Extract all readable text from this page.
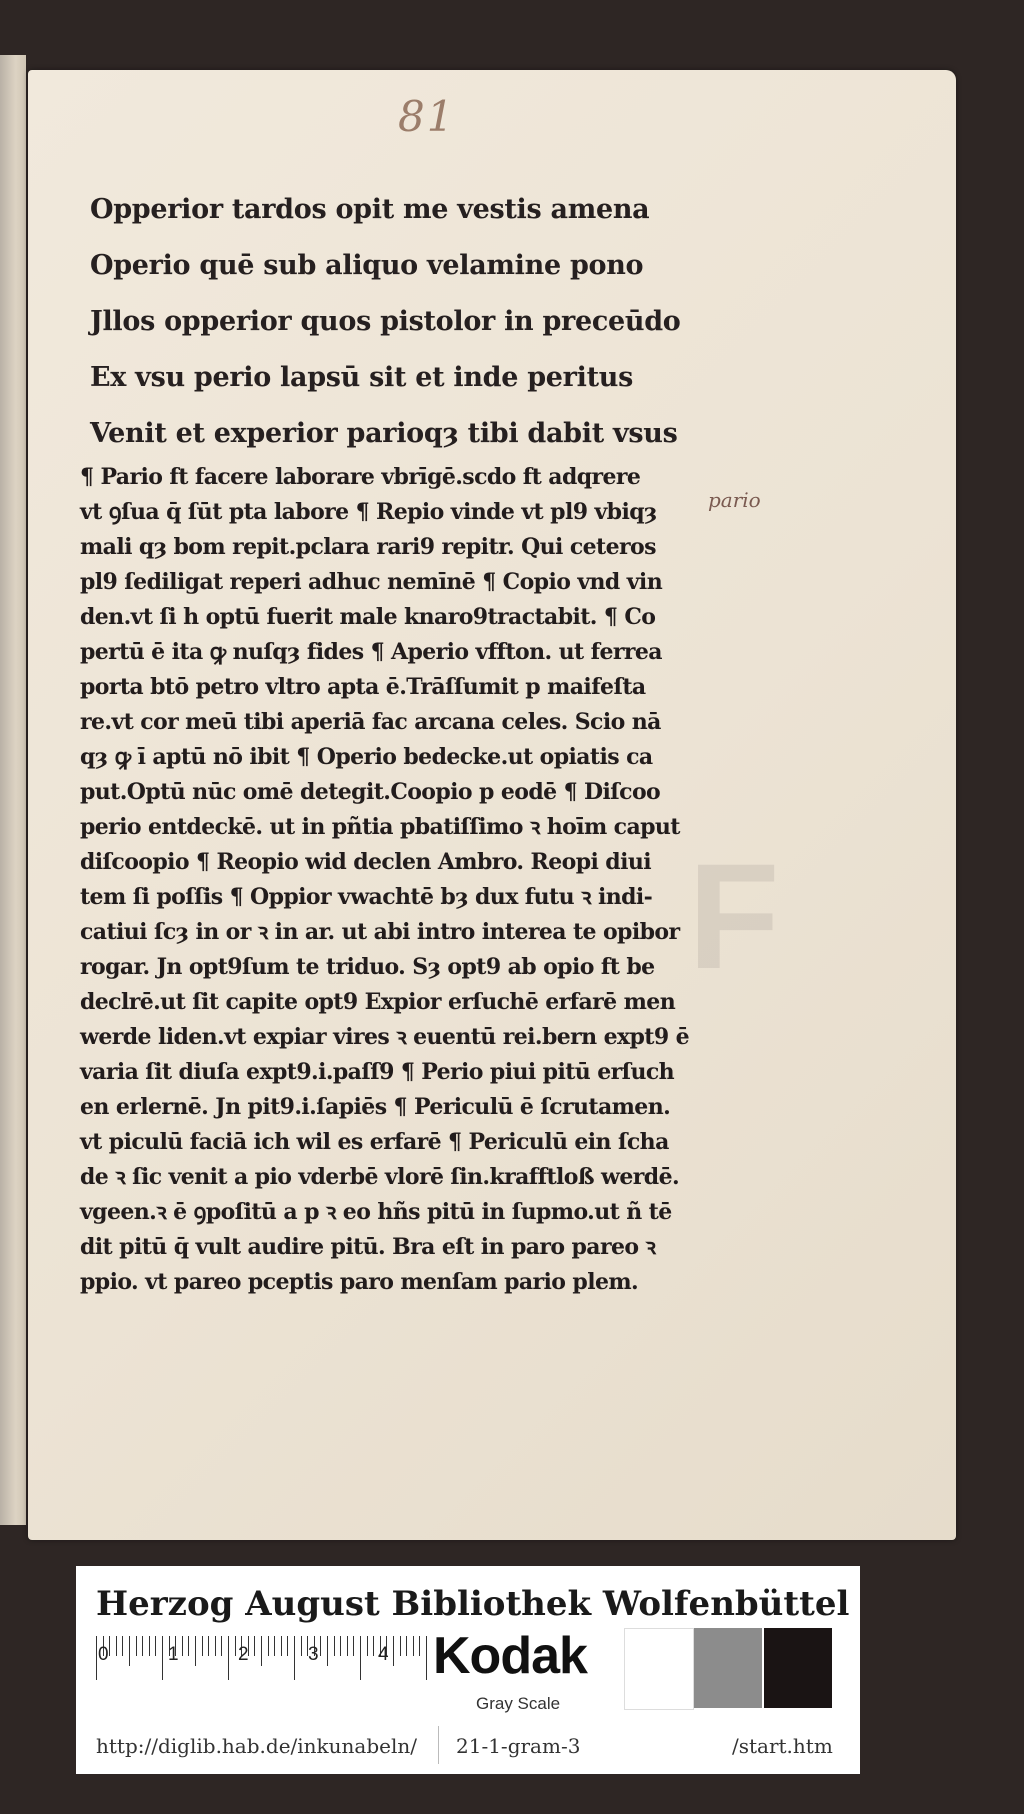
81
Opperior tardos opit me vestis amena
Operio quē sub aliquo velamine pono
Jllos opperior quos pistolor in preceūdo
Ex vsu perio lapsū sit et inde peritus
Venit et experior parioqȝ tibi dabit vsus
pario
¶ Pario ft facere laborare vbrīgē.scdo ft adqrere
vt ꝯſua q̄ ſūt pta labore ¶ Repio vinde vt pl9 vbiqȝ
mali qȝ bom repit.pclara rari9 repitr. Qui ceteros
pl9 ſediligat reperi adhuc nemīnē ¶ Copio vnd vin
den.vt ſi h optū fuerit male knaro9tractabit. ¶ Co
pertū ē ita ꝙ nuſqȝ fides ¶ Aperio vffton. ut ferrea
porta btō petro vltro apta ē.Trāſſumit p maifeſta
re.vt cor meū tibi aperiā fac arcana celes. Scio nā
qȝ ꝙ ī aptū nō ibit ¶ Operio bedecke.ut opiatis ca
put.Optū nūc omē detegit.Coopio p eodē ¶ Diſcoo
perio entdeckē. ut in pñtia pbatiſſimo ꝛ hoīm caput
diſcoopio ¶ Reopio wid declen Ambro. Reopi diui
tem ſi poſſis ¶ Oppior vwachtē bȝ dux futu ꝛ indi-
catiui ſcȝ in or ꝛ in ar. ut abi intro interea te opibor
rogar. Jn opt9ſum te triduo. Sȝ opt9 ab opio ft be
declrē.ut ſit capite opt9 Expior erſuchē erfarē men
werde liden.vt expiar vires ꝛ euentū rei.bern expt9 ē
varia ſit diuſa expt9.i.paſſ9 ¶ Perio piui pitū erſuch
en erlernē. Jn pit9.i.ſapiēs ¶ Periculū ē ſcrutamen.
vt piculū faciā ich wil es erfarē ¶ Periculū ein ſcha
de ꝛ ſic venit a pio vderbē vlorē ſin.krafftloß werdē.
vgeen.ꝛ ē ꝯpoſitū a p ꝛ eo hñs pitū in ſupmo.ut ñ tē
dit pitū q̄ vult audire pitū. Bra eſt in paro pareo ꝛ
ppio. vt pareo pceptis paro menſam pario plem.
F
Herzog August Bibliothek Wolfenbüttel
0	1	2	3	4 Kodak
Gray Scale
http://diglib.hab.de/inkunabeln/ 21-1-gram-3	/start.htm
